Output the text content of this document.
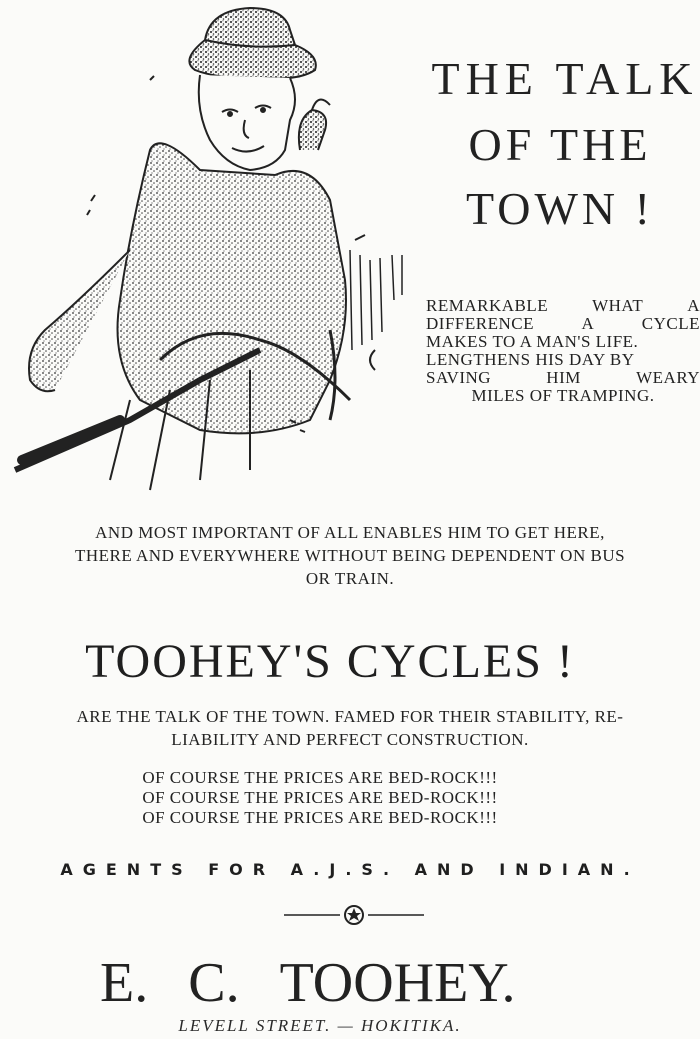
THE TALK
OF THE
TOWN !
REMARKABLE	WHAT	A
DIFFERENCE	A	CYCLE
MAKES TO A MAN'S LIFE.
LENGTHENS HIS DAY BY
SAVING	HIM	WEARY
MILES OF TRAMPING.
AND MOST IMPORTANT OF ALL ENABLES HIM TO GET HERE,
THERE AND EVERYWHERE WITHOUT BEING DEPENDENT ON BUS
OR TRAIN.
TOOHEY'S CYCLES !
ARE THE TALK OF THE TOWN. FAMED FOR THEIR STABILITY, RE-
LIABILITY AND PERFECT CONSTRUCTION.
OF COURSE THE PRICES ARE BED-ROCK!!!
OF COURSE THE PRICES ARE BED-ROCK!!!
OF COURSE THE PRICES ARE BED-ROCK!!!
AGENTS FOR A.J.S. AND INDIAN.
E. C. TOOHEY.
LEVELL STREET. — HOKITIKA.
